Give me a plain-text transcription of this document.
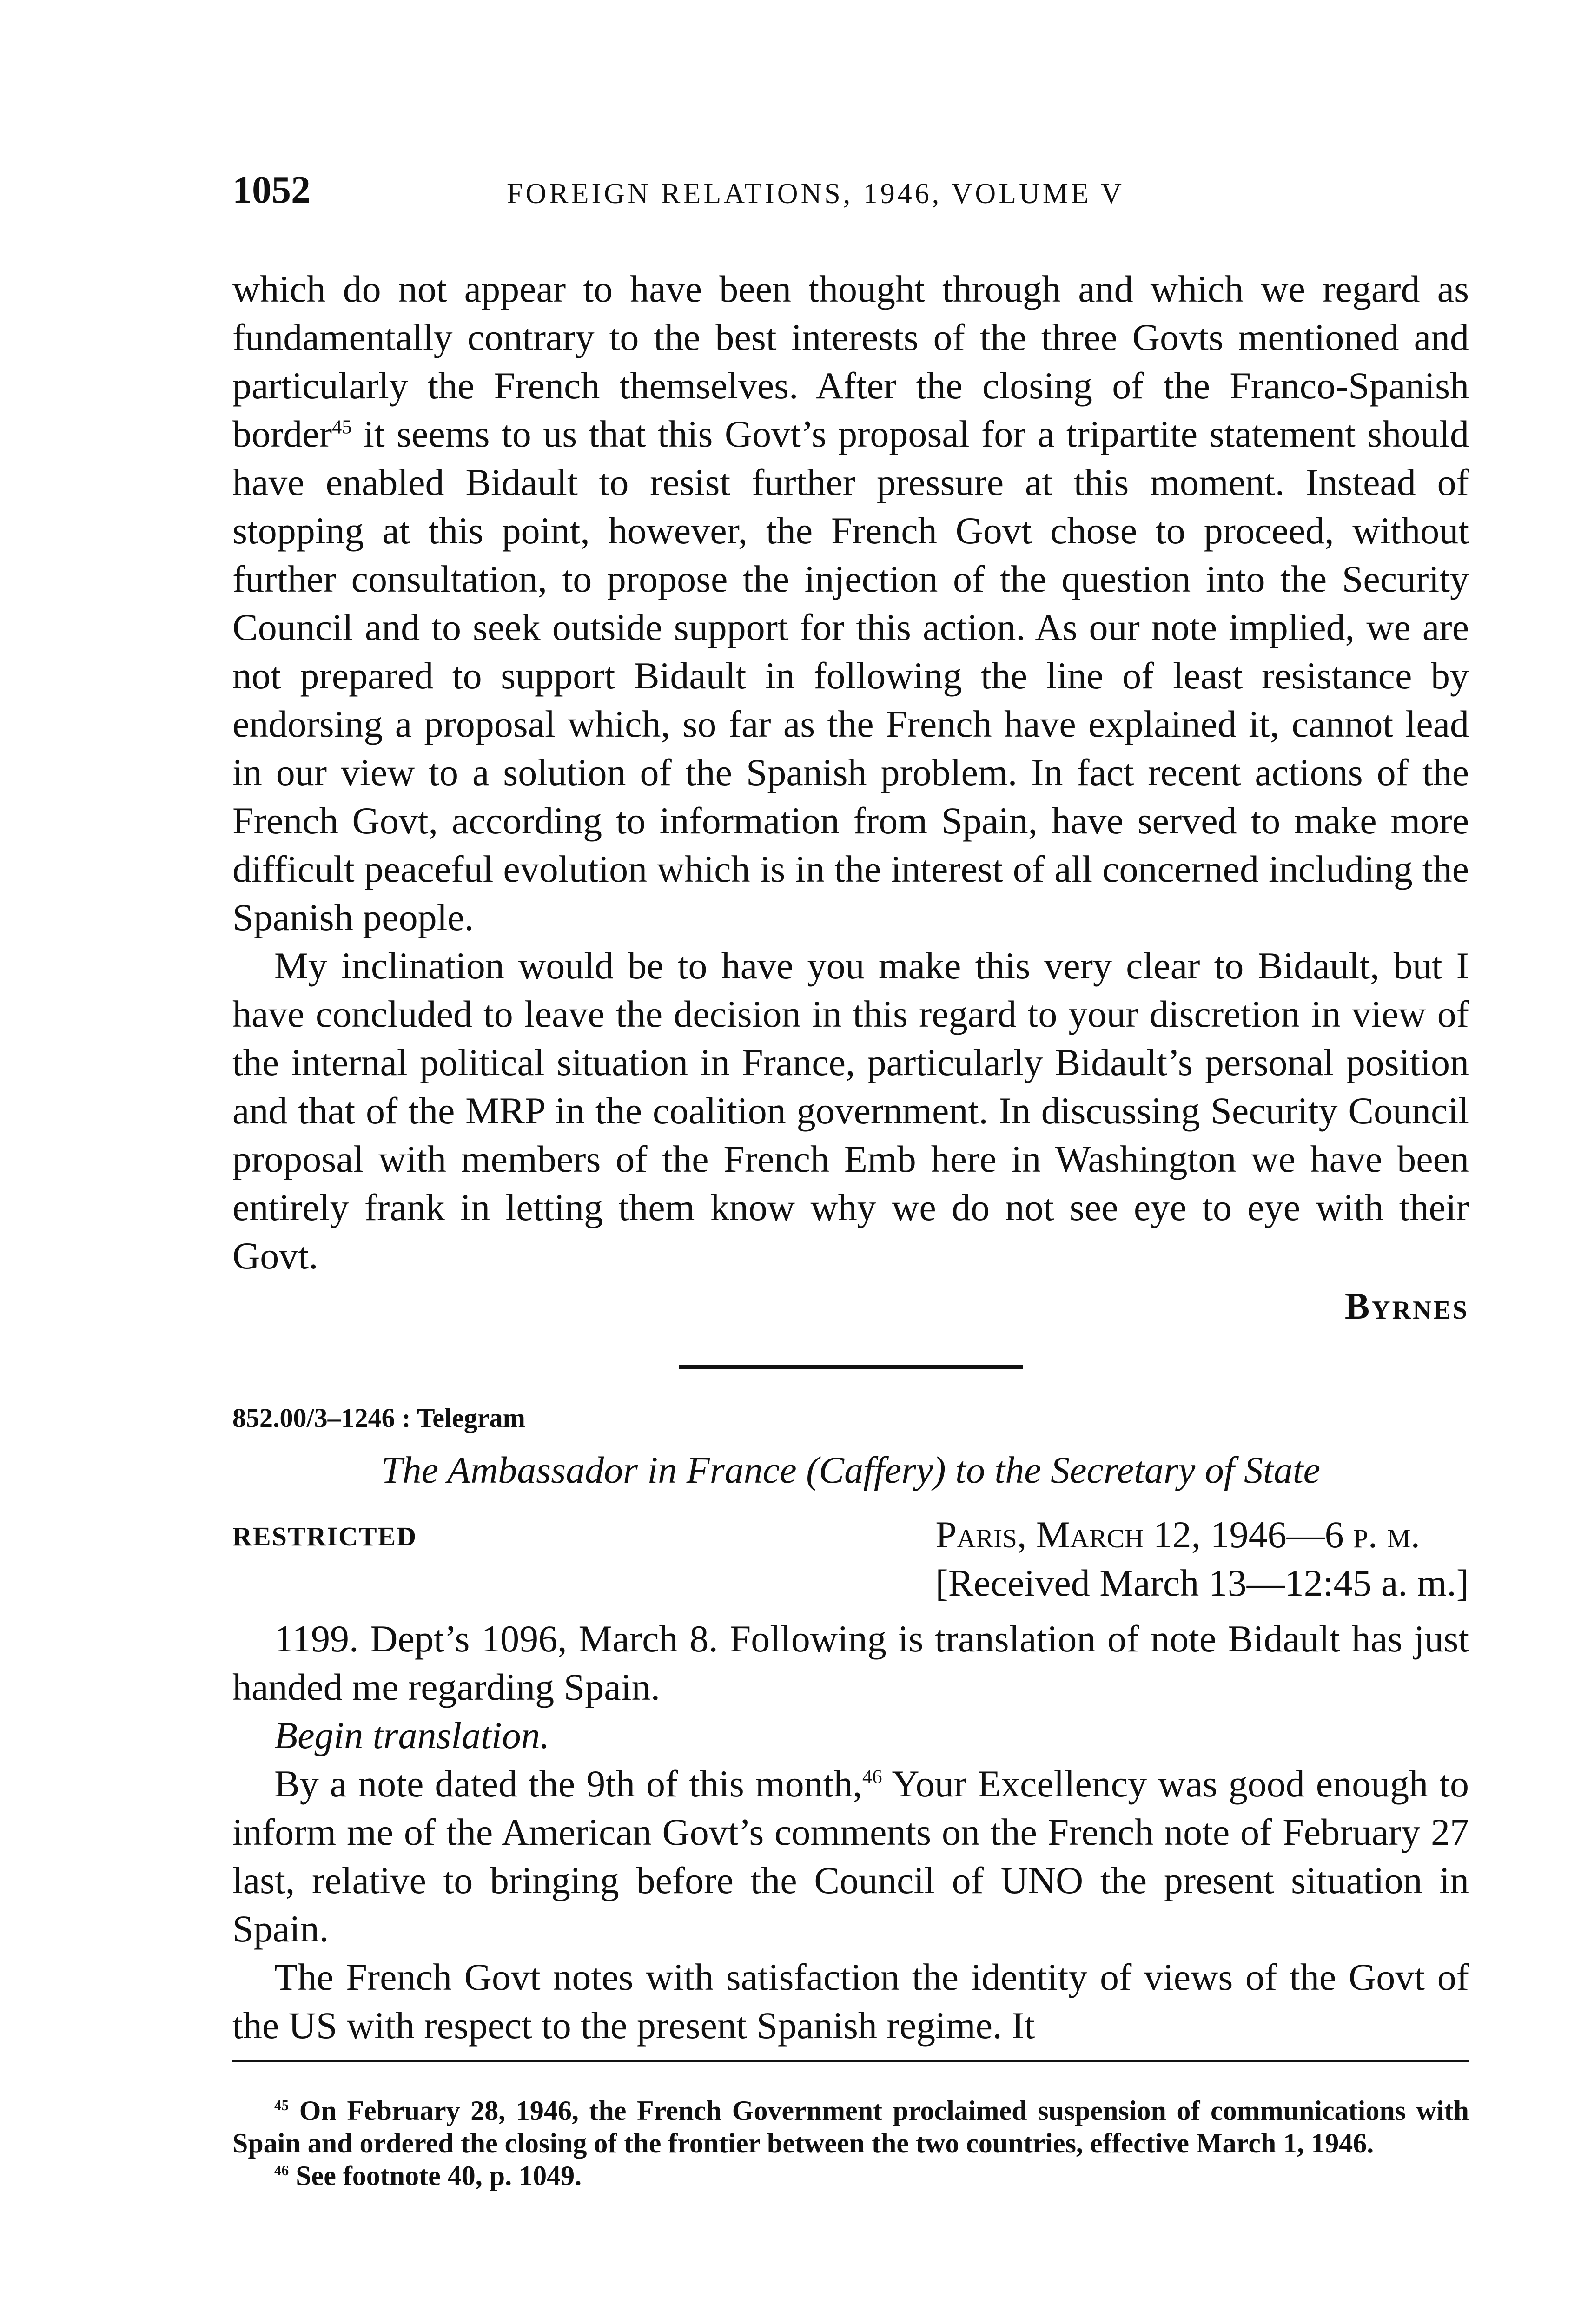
1052	FOREIGN RELATIONS, 1946, VOLUME V

which do not appear to have been thought through and which we regard as fundamentally contrary to the best interests of the three Govts mentioned and particularly the French themselves. After the closing of the Franco-Spanish border$^{45}$ it seems to us that this Govt’s proposal for a tripartite statement should have enabled Bidault to resist further pressure at this moment. Instead of stopping at this point, however, the French Govt chose to proceed, without further consultation, to propose the injection of the question into the Security Council and to seek outside support for this action. As our note implied, we are not prepared to support Bidault in following the line of least resistance by endorsing a proposal which, so far as the French have explained it, cannot lead in our view to a solution of the Spanish problem. In fact recent actions of the French Govt, according to information from Spain, have served to make more difficult peaceful evolution which is in the interest of all concerned including the Spanish people.

My inclination would be to have you make this very clear to Bidault, but I have concluded to leave the decision in this regard to your discretion in view of the internal political situation in France, particularly Bidault’s personal position and that of the MRP in the coalition government. In discussing Security Council proposal with members of the French Emb here in Washington we have been entirely frank in letting them know why we do not see eye to eye with their Govt.

Byrnes
852.00/3–1246 : Telegram
The Ambassador in France (Caffery) to the Secretary of State
RESTRICTED	Paris, March 12, 1946—6 p. m.
[Received March 13—12:45 a. m.]

1199. Dept’s 1096, March 8. Following is translation of note Bidault has just handed me regarding Spain.

Begin translation.

By a note dated the 9th of this month,$^{46}$ Your Excellency was good enough to inform me of the American Govt’s comments on the French note of February 27 last, relative to bringing before the Council of UNO the present situation in Spain.

The French Govt notes with satisfaction the identity of views of the Govt of the US with respect to the present Spanish regime. It

$^{45}$ On February 28, 1946, the French Government proclaimed suspension of communications with Spain and ordered the closing of the frontier between the two countries, effective March 1, 1946.

$^{46}$ See footnote 40, p. 1049.
